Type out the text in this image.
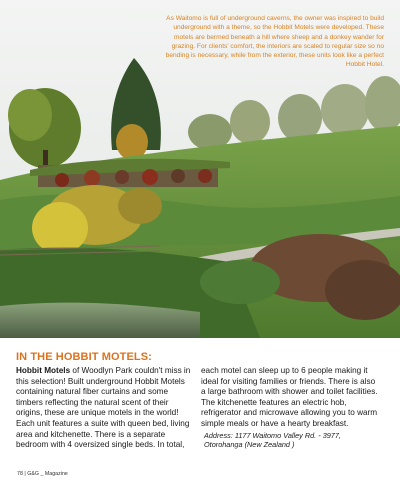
As Waitomo is full of underground caverns, the owner was inspired to build underground with a theme, so the Hobbit Motels were developed. These motels are bermed beneath a hill where sheep and a donkey wander for grazing. For clients' comfort, the interiors are scaled to regular size so no bending is necessary, while from the exterior, these units look like a perfect Hobbit Hotel.
IN THE HOBBIT MOTELS:

Hobbit Motels of Woodlyn Park couldn't miss in this selection! Built underground Hobbit Motels containing natural fiber curtains and some timbers reflecting the natural scent of their origins, these are unique motels in the world!

Each unit features a suite with queen bed, living area and kitchenette. There is a separate bedroom with 4 oversized single beds. In total,

each motel can sleep up to 6 people making it ideal for visiting families or friends. There is also a large bathroom with shower and toilet facilities. The kitchenette features an electric hob, refrigerator and microwave allowing you to warm simple meals or have a hearty breakfast.

Address: 1177 Waitomo Valley Rd. - 3977, Otorohanga (New Zealand )

78 | G&G _ Magazine
